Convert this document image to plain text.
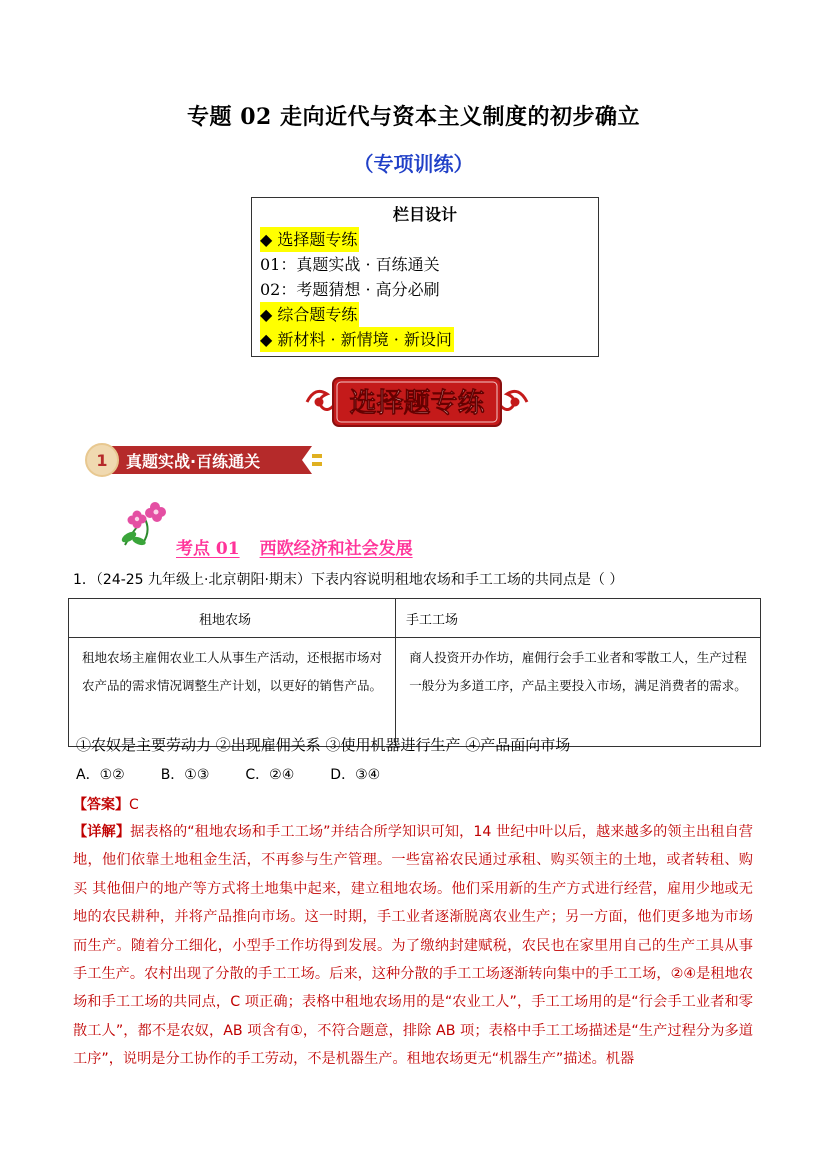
专题 02 走向近代与资本主义制度的初步确立
（专项训练）
栏目设计
◆ 选择题专练
01：真题实战 · 百练通关
02：考题猜想 · 高分必刷
◆ 综合题专练
◆ 新材料 · 新情境 · 新设问
选择题专练
1 真题实战·百练通关
考点 01 西欧经济和社会发展
1．（24-25 九年级上·北京朝阳·期末）下表内容说明租地农场和手工工场的共同点是（ ）
租地农场	手工工场
租地农场主雇佣农业工人从事生产活动，还根据市场对农产品的需求情况调整生产计划，以更好的销售产品。	商人投资开办作坊，雇佣行会手工业者和零散工人，生产过程一般分为多道工序，产品主要投入市场，满足消费者的需求。
①农奴是主要劳动力 ②出现雇佣关系 ③使用机器进行生产 ④产品面向市场
A．①②	B．①③	C．②④	D．③④
【答案】C
【详解】据表格的“租地农场和手工工场”并结合所学知识可知，14 世纪中叶以后，越来越多的领主出租自营地，他们依靠土地租金生活，不再参与生产管理。一些富裕农民通过承租、购买领主的土地，或者转租、购买 其他佃户的地产等方式将土地集中起来，建立租地农场。他们采用新的生产方式进行经营，雇用少地或无地的农民耕种，并将产品推向市场。这一时期，手工业者逐渐脱离农业生产；另一方面，他们更多地为市场而生产。随着分工细化，小型手工作坊得到发展。为了缴纳封建赋税，农民也在家里用自己的生产工具从事手工生产。农村出现了分散的手工工场。后来，这种分散的手工工场逐渐转向集中的手工工场，②④是租地农场和手工工场的共同点，C 项正确；表格中租地农场用的是“农业工人”，手工工场用的是“行会手工业者和零散工人”，都不是农奴，AB 项含有①，不符合题意，排除 AB 项；表格中手工工场描述是“生产过程分为多道工序”，说明是分工协作的手工劳动，不是机器生产。租地农场更无“机器生产”描述。机器
